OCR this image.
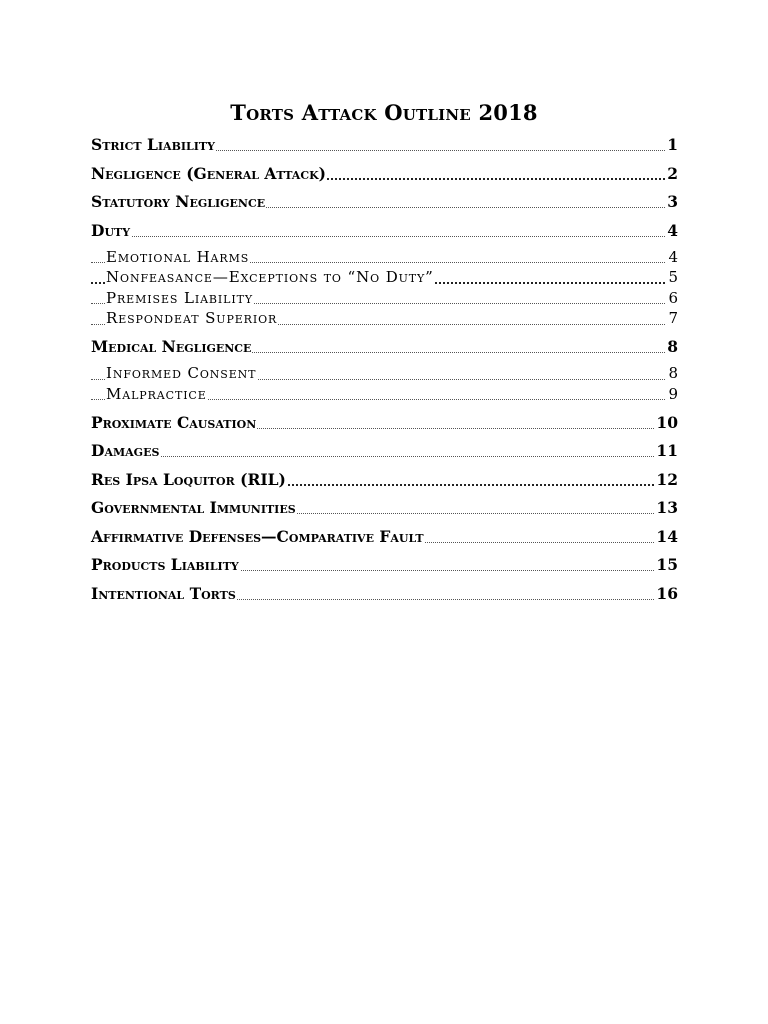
Torts Attack Outline 2018
Strict Liability	1
Negligence (General Attack)	2
Statutory Negligence	3
Duty	4
Emotional Harms	4
Nonfeasance—Exceptions to “No Duty”	5
Premises Liability	6
Respondeat Superior	7
Medical Negligence	8
Informed Consent	8
Malpractice	9
Proximate Causation	10
Damages	11
Res Ipsa Loquitor (RIL)	12
Governmental Immunities	13
Affirmative Defenses—Comparative Fault	14
Products Liability	15
Intentional Torts	16
